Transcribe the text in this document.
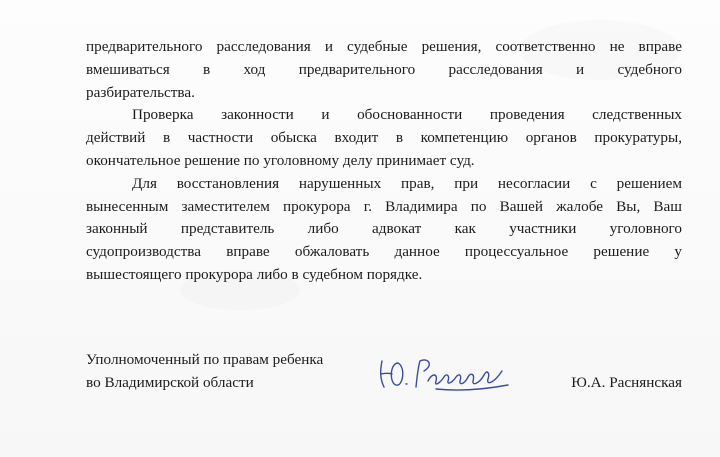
предварительного расследования и судебные решения, соответственно не вправе
вмешиваться в ход предварительного расследования и судебного
разбирательства.
Проверка законности и обоснованности проведения следственных
действий в частности обыска входит в компетенцию органов прокуратуры,
окончательное решение по уголовному делу принимает суд.
Для восстановления нарушенных прав, при несогласии с решением
вынесенным заместителем прокурора г. Владимира по Вашей жалобе Вы, Ваш
законный представитель либо адвокат как участники уголовного
судопроизводства вправе обжаловать данное процессуальное решение у
вышестоящего прокурора либо в судебном порядке.
Уполномоченный по правам ребенка
во Владимирской области	Ю.А. Раснянская
